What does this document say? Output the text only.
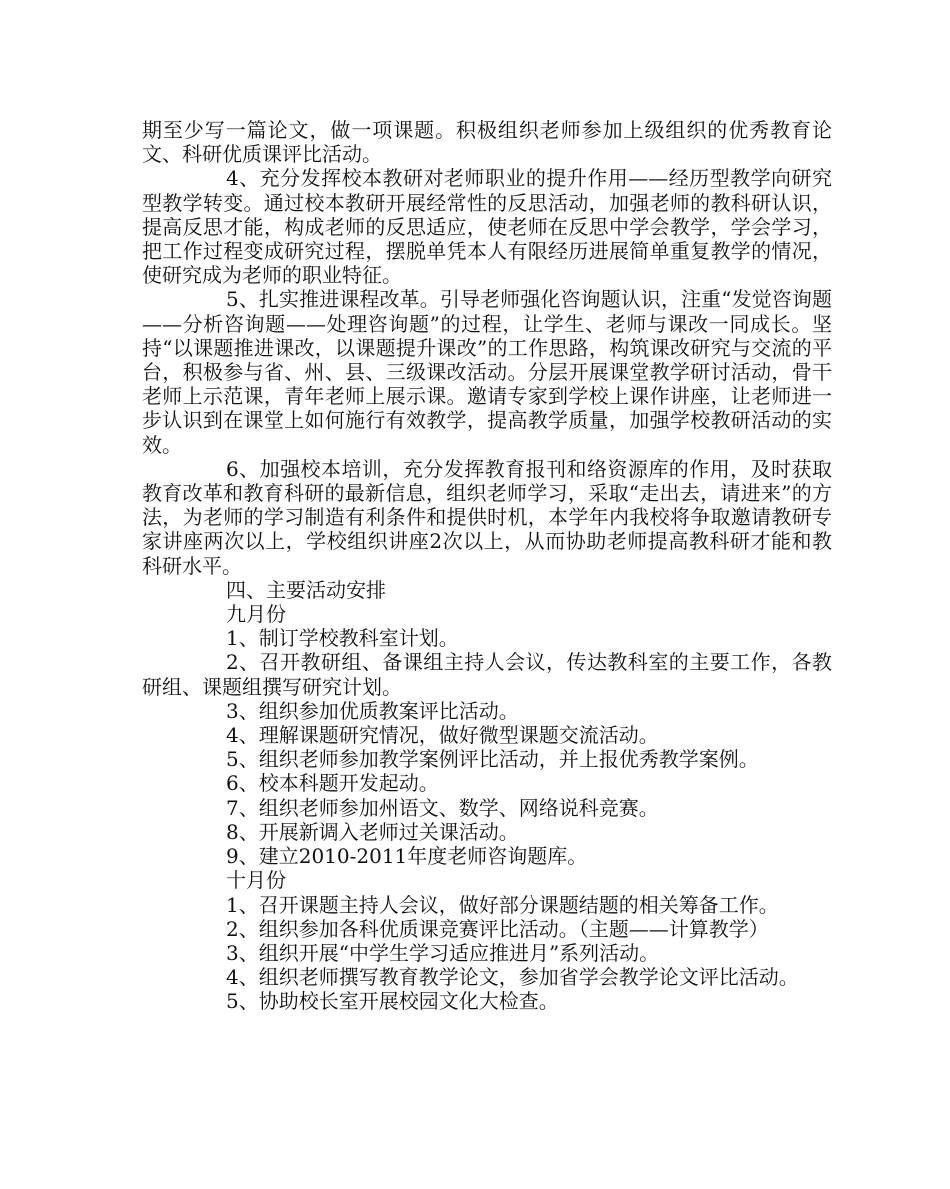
期至少写一篇论文，做一项课题。积极组织老师参加上级组织的优秀教育论文、科研优质课评比活动。

4、充分发挥校本教研对老师职业的提升作用——经历型教学向研究型教学转变。通过校本教研开展经常性的反思活动，加强老师的教科研认识，提高反思才能，构成老师的反思适应，使老师在反思中学会教学，学会学习，把工作过程变成研究过程，摆脱单凭本人有限经历进展简单重复教学的情况，使研究成为老师的职业特征。

5、扎实推进课程改革。引导老师强化咨询题认识，注重“发觉咨询题——分析咨询题——处理咨询题”的过程，让学生、老师与课改一同成长。坚持“以课题推进课改，以课题提升课改”的工作思路，构筑课改研究与交流的平台，积极参与省、州、县、三级课改活动。分层开展课堂教学研讨活动，骨干老师上示范课，青年老师上展示课。邀请专家到学校上课作讲座，让老师进一步认识到在课堂上如何施行有效教学，提高教学质量，加强学校教研活动的实效。

6、加强校本培训，充分发挥教育报刊和络资源库的作用，及时获取教育改革和教育科研的最新信息，组织老师学习，采取“走出去，请进来”的方法，为老师的学习制造有利条件和提供时机，本学年内我校将争取邀请教研专家讲座两次以上，学校组织讲座2次以上，从而协助老师提高教科研才能和教科研水平。

四、主要活动安排

九月份

1、制订学校教科室计划。

2、召开教研组、备课组主持人会议，传达教科室的主要工作，各教研组、课题组撰写研究计划。

3、组织参加优质教案评比活动。

4、理解课题研究情况，做好微型课题交流活动。

5、组织老师参加教学案例评比活动，并上报优秀教学案例。

6、校本科题开发起动。

7、组织老师参加州语文、数学、网络说科竞赛。

8、开展新调入老师过关课活动。

9、建立2010-2011年度老师咨询题库。

十月份

1、召开课题主持人会议，做好部分课题结题的相关筹备工作。

2、组织参加各科优质课竞赛评比活动。（主题——计算教学）

3、组织开展“中学生学习适应推进月”系列活动。

4、组织老师撰写教育教学论文，参加省学会教学论文评比活动。

5、协助校长室开展校园文化大检查。
